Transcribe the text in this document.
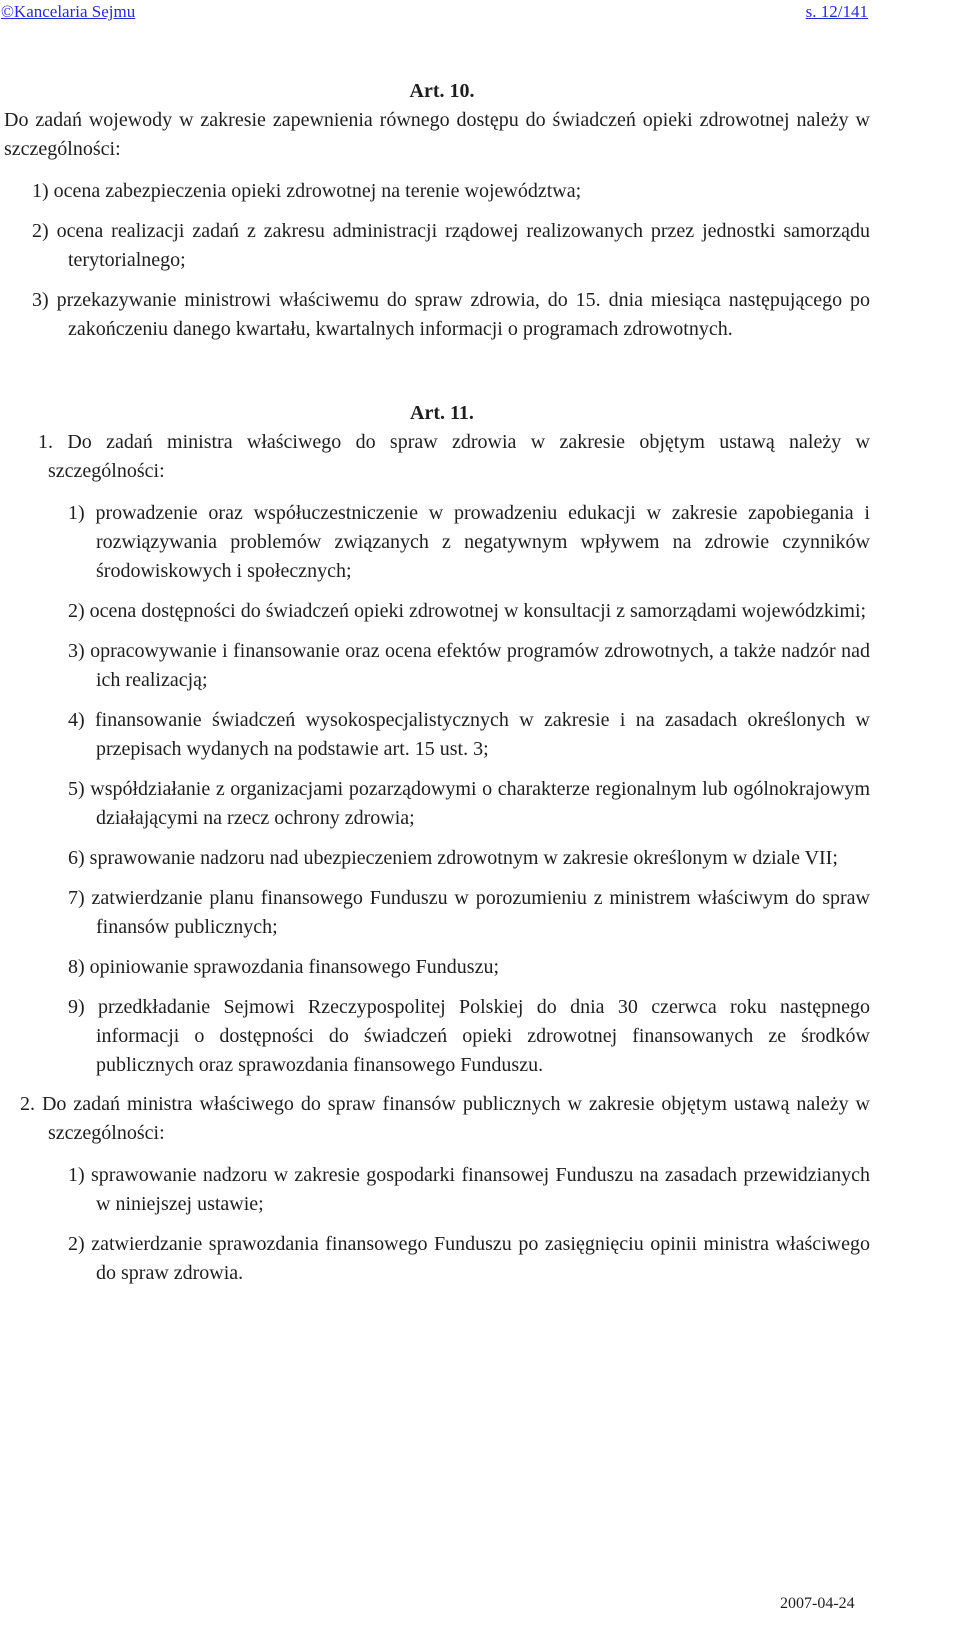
©Kancelaria Sejmu	s. 12/141

Art. 10.

Do zadań wojewody w zakresie zapewnienia równego dostępu do świadczeń opieki zdrowotnej należy w szczególności:

1) ocena zabezpieczenia opieki zdrowotnej na terenie województwa;

2) ocena realizacji zadań z zakresu administracji rządowej realizowanych przez jednostki samorządu terytorialnego;

3) przekazywanie ministrowi właściwemu do spraw zdrowia, do 15. dnia miesiąca następującego po zakończeniu danego kwartału, kwartalnych informacji o programach zdrowotnych.

Art. 11.

1. Do zadań ministra właściwego do spraw zdrowia w zakresie objętym ustawą należy w szczególności:

1) prowadzenie oraz współuczestniczenie w prowadzeniu edukacji w zakresie zapobiegania i rozwiązywania problemów związanych z negatywnym wpływem na zdrowie czynników środowiskowych i społecznych;

2) ocena dostępności do świadczeń opieki zdrowotnej w konsultacji z samorządami wojewódzkimi;

3) opracowywanie i finansowanie oraz ocena efektów programów zdrowotnych, a także nadzór nad ich realizacją;

4) finansowanie świadczeń wysokospecjalistycznych w zakresie i na zasadach określonych w przepisach wydanych na podstawie art. 15 ust. 3;

5) współdziałanie z organizacjami pozarządowymi o charakterze regionalnym lub ogólnokrajowym działającymi na rzecz ochrony zdrowia;

6) sprawowanie nadzoru nad ubezpieczeniem zdrowotnym w zakresie określonym w dziale VII;

7) zatwierdzanie planu finansowego Funduszu w porozumieniu z ministrem właściwym do spraw finansów publicznych;

8) opiniowanie sprawozdania finansowego Funduszu;

9) przedkładanie Sejmowi Rzeczypospolitej Polskiej do dnia 30 czerwca roku następnego informacji o dostępności do świadczeń opieki zdrowotnej finansowanych ze środków publicznych oraz sprawozdania finansowego Funduszu.

2. Do zadań ministra właściwego do spraw finansów publicznych w zakresie objętym ustawą należy w szczególności:

1) sprawowanie nadzoru w zakresie gospodarki finansowej Funduszu na zasadach przewidzianych w niniejszej ustawie;

2) zatwierdzanie sprawozdania finansowego Funduszu po zasięgnięciu opinii ministra właściwego do spraw zdrowia.

2007-04-24
